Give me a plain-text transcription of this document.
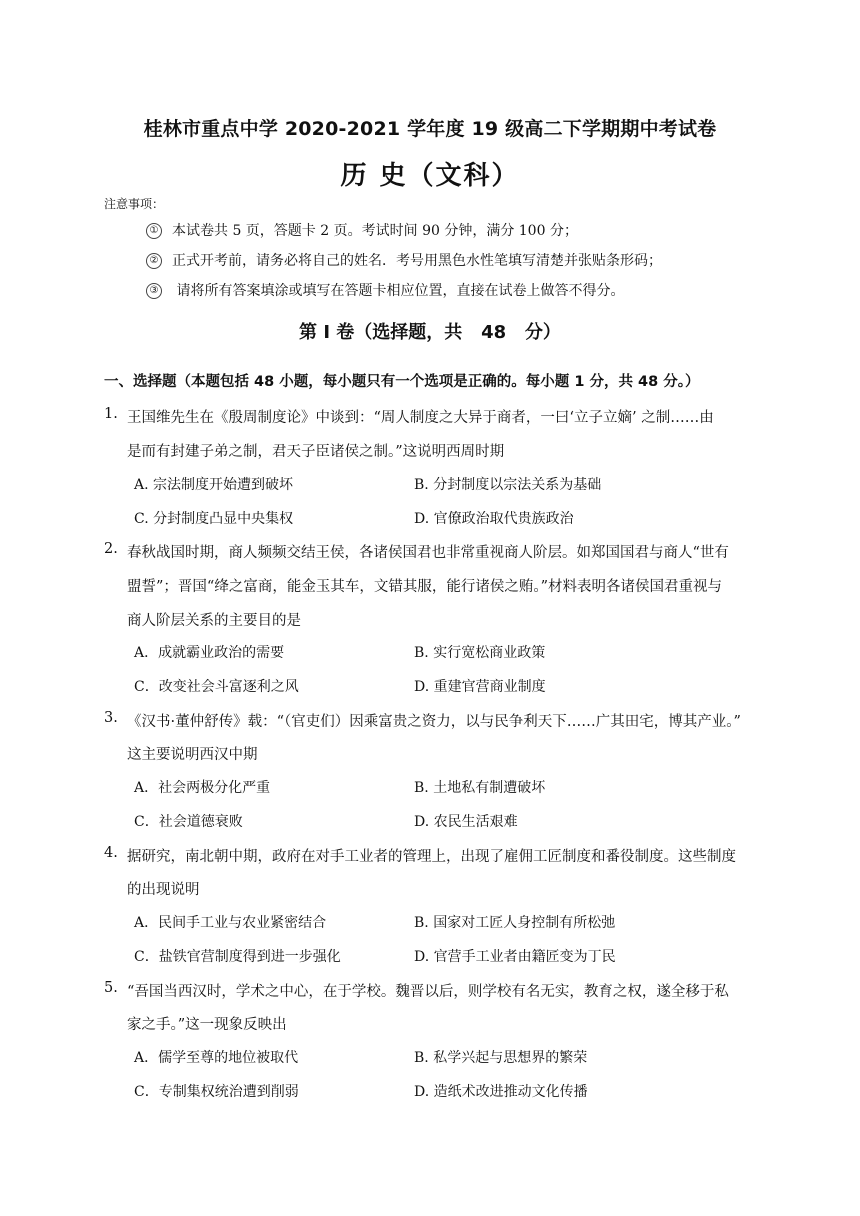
桂林市重点中学 2020-2021 学年度 19 级高二下学期期中考试卷
历 史（文科）
注意事项：
① 本试卷共 5 页，答题卡 2 页。考试时间 90 分钟，满分 100 分；
② 正式开考前，请务必将自己的姓名．考号用黑色水性笔填写清楚并张贴条形码；
③ 请将所有答案填涂或填写在答题卡相应位置，直接在试卷上做答不得分。
第 I 卷（选择题，共   48   分）
一、选择题（本题包括 48 小题，每小题只有一个选项是正确的。每小题 1 分，共 48 分。）
1. 王国维先生在《殷周制度论》中谈到：“周人制度之大异于商者，一曰‘立子立嫡’ 之制……由
是而有封建子弟之制，君天子臣诸侯之制。”这说明西周时期
A. 宗法制度开始遭到破坏	B. 分封制度以宗法关系为基础
C. 分封制度凸显中央集权	D. 官僚政治取代贵族政治
2. 春秋战国时期，商人频频交结王侯，各诸侯国君也非常重视商人阶层。如郑国国君与商人“世有
盟誓”；晋国“绛之富商，能金玉其车，文错其服，能行诸侯之贿。”材料表明各诸侯国君重视与
商人阶层关系的主要目的是
A．成就霸业政治的需要	B. 实行宽松商业政策
C．改变社会斗富逐利之风	D. 重建官营商业制度
3. 《汉书·董仲舒传》载：“（官吏们）因乘富贵之资力，以与民争利天下……广其田宅，博其产业。”
这主要说明西汉中期
A．社会两极分化严重	B. 土地私有制遭破坏
C．社会道德衰败	D. 农民生活艰难
4. 据研究，南北朝中期，政府在对手工业者的管理上，出现了雇佣工匠制度和番役制度。这些制度
的出现说明
A．民间手工业与农业紧密结合	B. 国家对工匠人身控制有所松弛
C．盐铁官营制度得到进一步强化	D. 官营手工业者由籍匠变为丁民
5. “吾国当西汉时，学术之中心，在于学校。魏晋以后，则学校有名无实，教育之权，遂全移于私
家之手。”这一现象反映出
A．儒学至尊的地位被取代	B. 私学兴起与思想界的繁荣
C．专制集权统治遭到削弱	D. 造纸术改进推动文化传播
